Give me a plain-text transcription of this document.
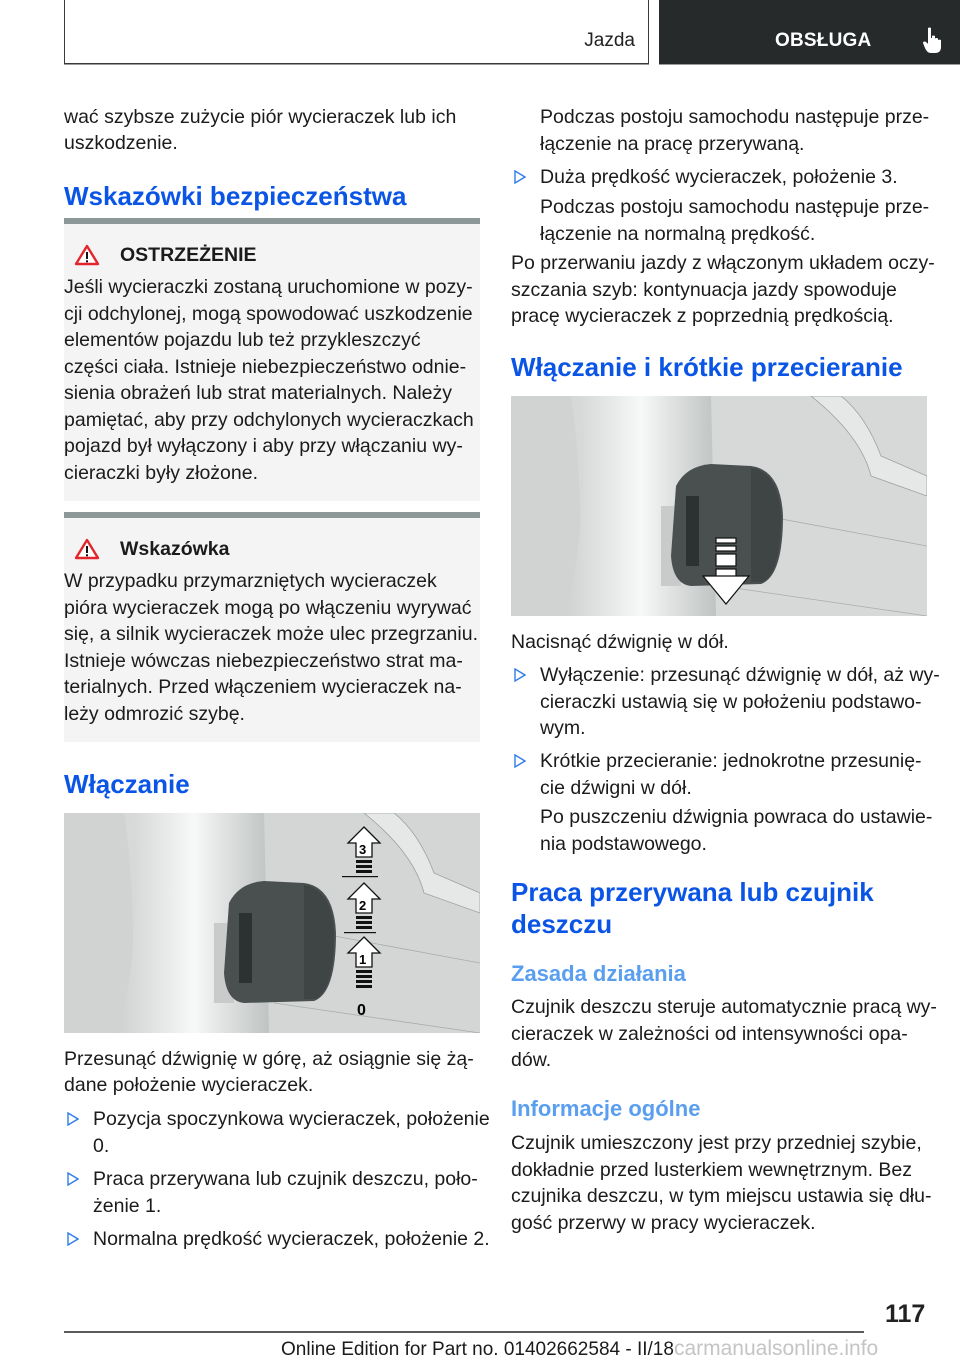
Jazda	OBSŁUGA

wać szybsze zużycie piór wycieraczek lub ich

uszkodzenie.

Wskazówki bezpieczeństwa
OSTRZEŻENIE

Jeśli wycieraczki zostaną uruchomione w pozy-

cji odchylonej, mogą spowodować uszkodzenie

elementów pojazdu lub też przykleszczyć

części ciała. Istnieje niebezpieczeństwo odnie-

sienia obrażeń lub strat materialnych. Należy

pamiętać, aby przy odchylonych wycieraczkach

pojazd był wyłączony i aby przy włączaniu wy-

cieraczki były złożone.

Wskazówka

W przypadku przymarzniętych wycieraczek

pióra wycieraczek mogą po włączeniu wyrywać

się, a silnik wycieraczek może ulec przegrzaniu.

Istnieje wówczas niebezpieczeństwo strat ma-

terialnych. Przed włączeniem wycieraczek na-

leży odmrozić szybę.

Włączanie
3
2
1
0

Przesunąć dźwignię w górę, aż osiągnie się żą-

dane położenie wycieraczek.

Pozycja spoczynkowa wycieraczek, położenie

0.

Praca przerywana lub czujnik deszczu, poło-

żenie 1.

Normalna prędkość wycieraczek, położenie 2.

Podczas postoju samochodu następuje prze-

łączenie na pracę przerywaną.

Duża prędkość wycieraczek, położenie 3.

Podczas postoju samochodu następuje prze-

łączenie na normalną prędkość.

Po przerwaniu jazdy z włączonym układem oczy-

szczania szyb: kontynuacja jazdy spowoduje

pracę wycieraczek z poprzednią prędkością.

Włączanie i krótkie przecieranie

Nacisnąć dźwignię w dół.

Wyłączenie: przesunąć dźwignię w dół, aż wy-

cieraczki ustawią się w położeniu podstawo-

wym.

Krótkie przecieranie: jednokrotne przesunię-

cie dźwigni w dół.

Po puszczeniu dźwignia powraca do ustawie-

nia podstawowego.

Praca przerywana lub czujnik
deszczu
Zasada działania

Czujnik deszczu steruje automatycznie pracą wy-

cieraczek w zależności od intensywności opa-

dów.

Informacje ogólne

Czujnik umieszczony jest przy przedniej szybie,

dokładnie przed lusterkiem wewnętrznym. Bez

czujnika deszczu, w tym miejscu ustawia się dłu-

gość przerwy w pracy wycieraczek.

117
Online Edition for Part no. 01402662584 - II/18carmanualsonline.info
